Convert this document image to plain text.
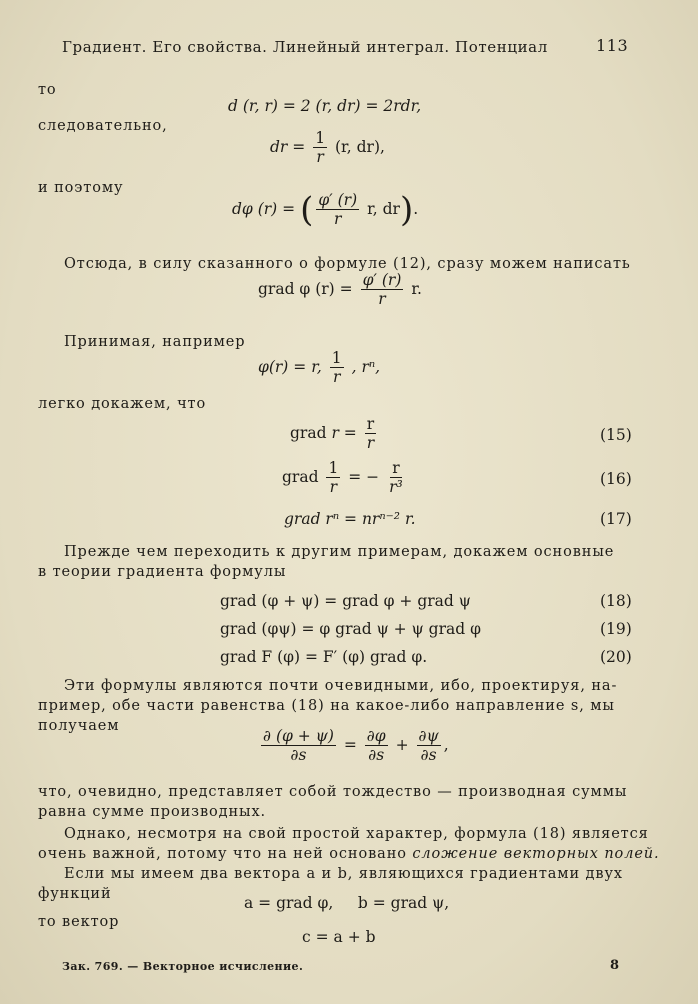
Градиент. Его свойства. Линейный интеграл. Потенциал	113
то
d (r, r) = 2 (r, dr) = 2rdr,
следовательно,
dr = $\frac{1}{r} (r$, dr),
и поэтому
dφ (r) = ( $\frac{\varphi' (r)}{r} r$, dr).
Отсюда, в силу сказанного о формуле (12), сразу можем написать
grad φ $(r) = \frac{\varphi' (r)}{r} r$.
Принимая, например
φ(r) = r, $\frac{1}{r}$ , rⁿ,
легко докажем, что
grad $r = \frac{r}{r}$	(15)
grad $\frac{1}{r}$ = − $\frac{r}{\text{r³}}$	(16)
grad rⁿ = nrⁿ⁻² r.	(17)
Прежде чем переходить к другим примерам, докажем основные
в теории градиента формулы
grad (φ + ψ) = grad φ + grad ψ	(18)
grad (φψ) = φ grad ψ + ψ grad φ	(19)
grad F (φ) = F′ (φ) grad φ.	(20)
Эти формулы являются почти очевидными, ибо, проектируя, на-
пример, обе части равенства (18) на какое-либо направление s, мы
получаем
$\frac{\partial (\varphi + \psi)}{\partial s} = \frac{\partial\varphi}{\partial s} + \frac{\partial\psi}{\partial s}$ ,
что, очевидно, представляет собой тождество — производная суммы
равна сумме производных.
Однако, несмотря на свой простой характер, формула (18) является
очень важной, потому что на ней основано сложение векторных полей.
Если мы имеем два вектора a и b, являющихся градиентами двух
функций	a = grad φ,     b = grad ψ,
то вектор
c = a + b
Зак. 769. — Векторное исчисление.	8
